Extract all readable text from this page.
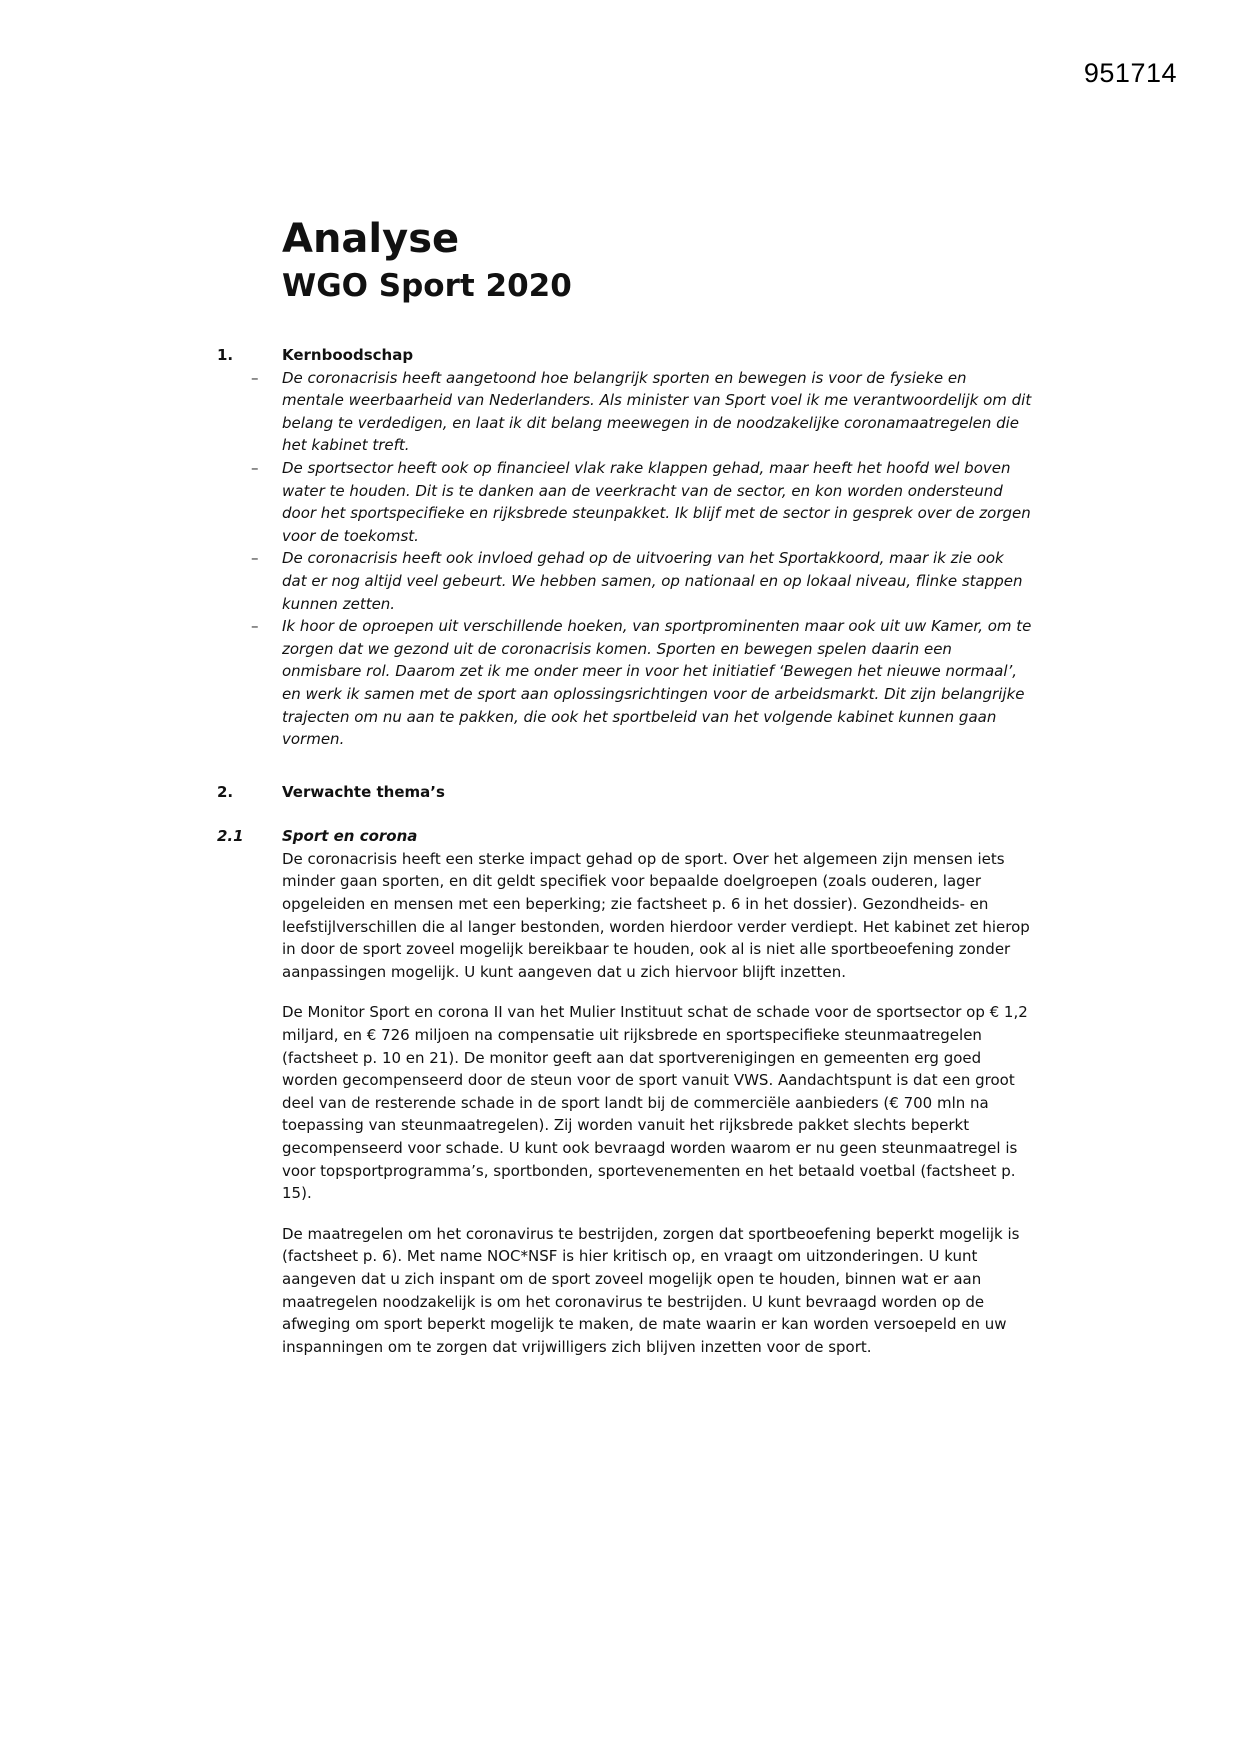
951714
Analyse
WGO Sport 2020
1.	Kernboodschap
– De coronacrisis heeft aangetoond hoe belangrijk sporten en bewegen is voor de fysieke en mentale weerbaarheid van Nederlanders. Als minister van Sport voel ik me verantwoordelijk om dit belang te verdedigen, en laat ik dit belang meewegen in de noodzakelijke coronamaatregelen die het kabinet treft.
– De sportsector heeft ook op financieel vlak rake klappen gehad, maar heeft het hoofd wel boven water te houden. Dit is te danken aan de veerkracht van de sector, en kon worden ondersteund door het sportspecifieke en rijksbrede steunpakket. Ik blijf met de sector in gesprek over de zorgen voor de toekomst.
– De coronacrisis heeft ook invloed gehad op de uitvoering van het Sportakkoord, maar ik zie ook dat er nog altijd veel gebeurt. We hebben samen, op nationaal en op lokaal niveau, flinke stappen kunnen zetten.
– Ik hoor de oproepen uit verschillende hoeken, van sportprominenten maar ook uit uw Kamer, om te zorgen dat we gezond uit de coronacrisis komen. Sporten en bewegen spelen daarin een onmisbare rol. Daarom zet ik me onder meer in voor het initiatief ‘Bewegen het nieuwe normaal’, en werk ik samen met de sport aan oplossingsrichtingen voor de arbeidsmarkt. Dit zijn belangrijke trajecten om nu aan te pakken, die ook het sportbeleid van het volgende kabinet kunnen gaan vormen.
2.	Verwachte thema’s
2.1	Sport en corona

De coronacrisis heeft een sterke impact gehad op de sport. Over het algemeen zijn mensen iets minder gaan sporten, en dit geldt specifiek voor bepaalde doelgroepen (zoals ouderen, lager opgeleiden en mensen met een beperking; zie factsheet p. 6 in het dossier). Gezondheids- en leefstijlverschillen die al langer bestonden, worden hierdoor verder verdiept. Het kabinet zet hierop in door de sport zoveel mogelijk bereikbaar te houden, ook al is niet alle sportbeoefening zonder aanpassingen mogelijk. U kunt aangeven dat u zich hiervoor blijft inzetten.

De Monitor Sport en corona II van het Mulier Instituut schat de schade voor de sportsector op € 1,2 miljard, en € 726 miljoen na compensatie uit rijksbrede en sportspecifieke steunmaatregelen (factsheet p. 10 en 21). De monitor geeft aan dat sportverenigingen en gemeenten erg goed worden gecompenseerd door de steun voor de sport vanuit VWS. Aandachtspunt is dat een groot deel van de resterende schade in de sport landt bij de commerciële aanbieders (€ 700 mln na toepassing van steunmaatregelen). Zij worden vanuit het rijksbrede pakket slechts beperkt gecompenseerd voor schade. U kunt ook bevraagd worden waarom er nu geen steunmaatregel is voor topsportprogramma’s, sportbonden, sportevenementen en het betaald voetbal (factsheet p. 15).

De maatregelen om het coronavirus te bestrijden, zorgen dat sportbeoefening beperkt mogelijk is (factsheet p. 6). Met name NOC*NSF is hier kritisch op, en vraagt om uitzonderingen. U kunt aangeven dat u zich inspant om de sport zoveel mogelijk open te houden, binnen wat er aan maatregelen noodzakelijk is om het coronavirus te bestrijden. U kunt bevraagd worden op de afweging om sport beperkt mogelijk te maken, de mate waarin er kan worden versoepeld en uw inspanningen om te zorgen dat vrijwilligers zich blijven inzetten voor de sport.
